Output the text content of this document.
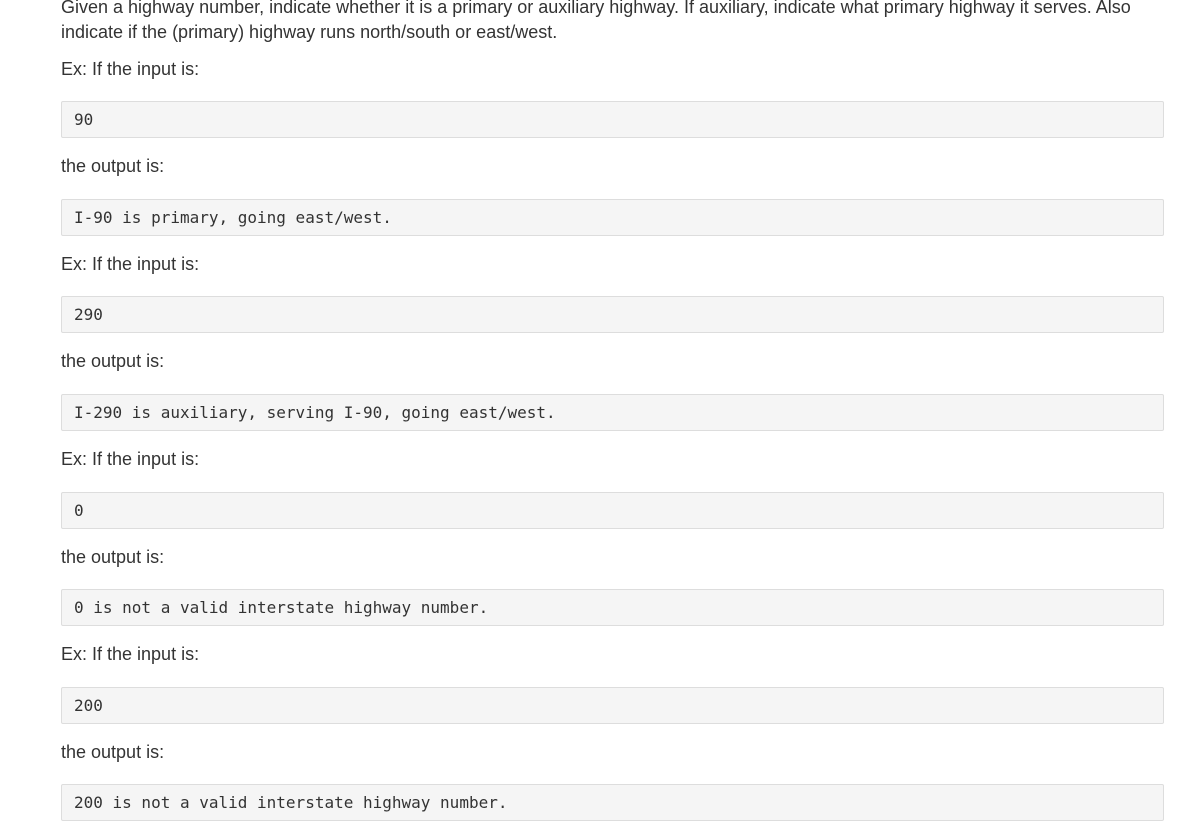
Given a highway number, indicate whether it is a primary or auxiliary highway. If auxiliary, indicate what primary highway it serves. Also indicate if the (primary) highway runs north/south or east/west.

Ex: If the input is:

90

the output is:

I-90 is primary, going east/west.

Ex: If the input is:

290

the output is:

I-290 is auxiliary, serving I-90, going east/west.

Ex: If the input is:

0

the output is:

0 is not a valid interstate highway number.

Ex: If the input is:

200

the output is:

200 is not a valid interstate highway number.
